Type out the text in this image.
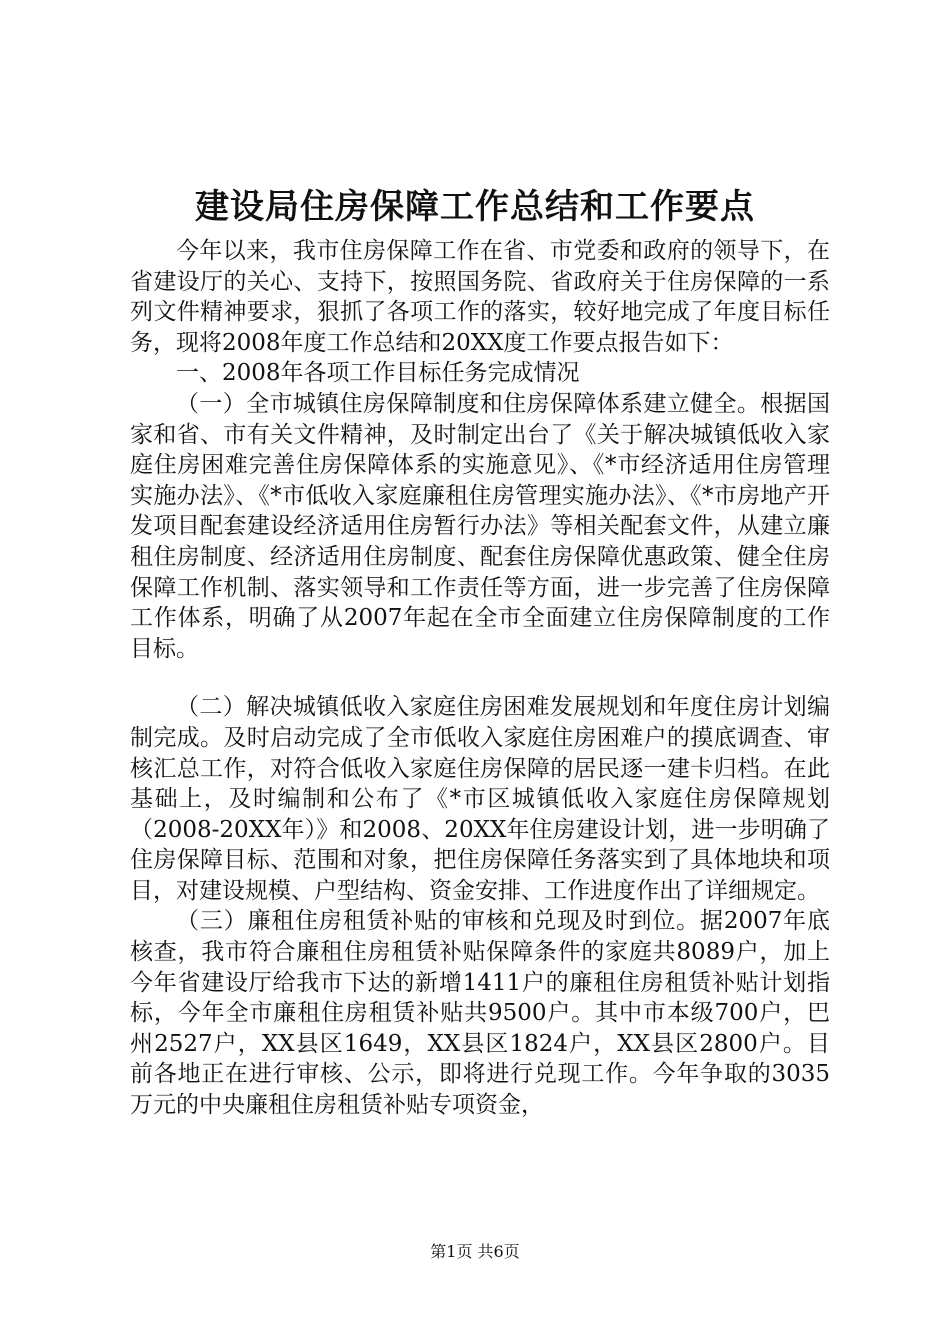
建设局住房保障工作总结和工作要点

今年以来，我市住房保障工作在省、市党委和政府的领导下，在省建设厅的关心、支持下，按照国务院、省政府关于住房保障的一系列文件精神要求，狠抓了各项工作的落实，较好地完成了年度目标任务，现将2008年度工作总结和20XX度工作要点报告如下：

一、2008年各项工作目标任务完成情况

（一）全市城镇住房保障制度和住房保障体系建立健全。根据国家和省、市有关文件精神，及时制定出台了《关于解决城镇低收入家庭住房困难完善住房保障体系的实施意见》、《*市经济适用住房管理实施办法》、《*市低收入家庭廉租住房管理实施办法》、《*市房地产开发项目配套建设经济适用住房暂行办法》等相关配套文件，从建立廉租住房制度、经济适用住房制度、配套住房保障优惠政策、健全住房保障工作机制、落实领导和工作责任等方面，进一步完善了住房保障工作体系，明确了从2007年起在全市全面建立住房保障制度的工作目标。

（二）解决城镇低收入家庭住房困难发展规划和年度住房计划编制完成。及时启动完成了全市低收入家庭住房困难户的摸底调查、审核汇总工作，对符合低收入家庭住房保障的居民逐一建卡归档。在此基础上，及时编制和公布了《*市区城镇低收入家庭住房保障规划（2008-20XX年）》和2008、20XX年住房建设计划，进一步明确了住房保障目标、范围和对象，把住房保障任务落实到了具体地块和项目，对建设规模、户型结构、资金安排、工作进度作出了详细规定。

（三）廉租住房租赁补贴的审核和兑现及时到位。据2007年底核查，我市符合廉租住房租赁补贴保障条件的家庭共8089户，加上今年省建设厅给我市下达的新增1411户的廉租住房租赁补贴计划指标，今年全市廉租住房租赁补贴共9500户。其中市本级700户，巴州2527户，XX县区1649，XX县区1824户，XX县区2800户。目前各地正在进行审核、公示，即将进行兑现工作。今年争取的3035万元的中央廉租住房租赁补贴专项资金，

第1页 共6页
